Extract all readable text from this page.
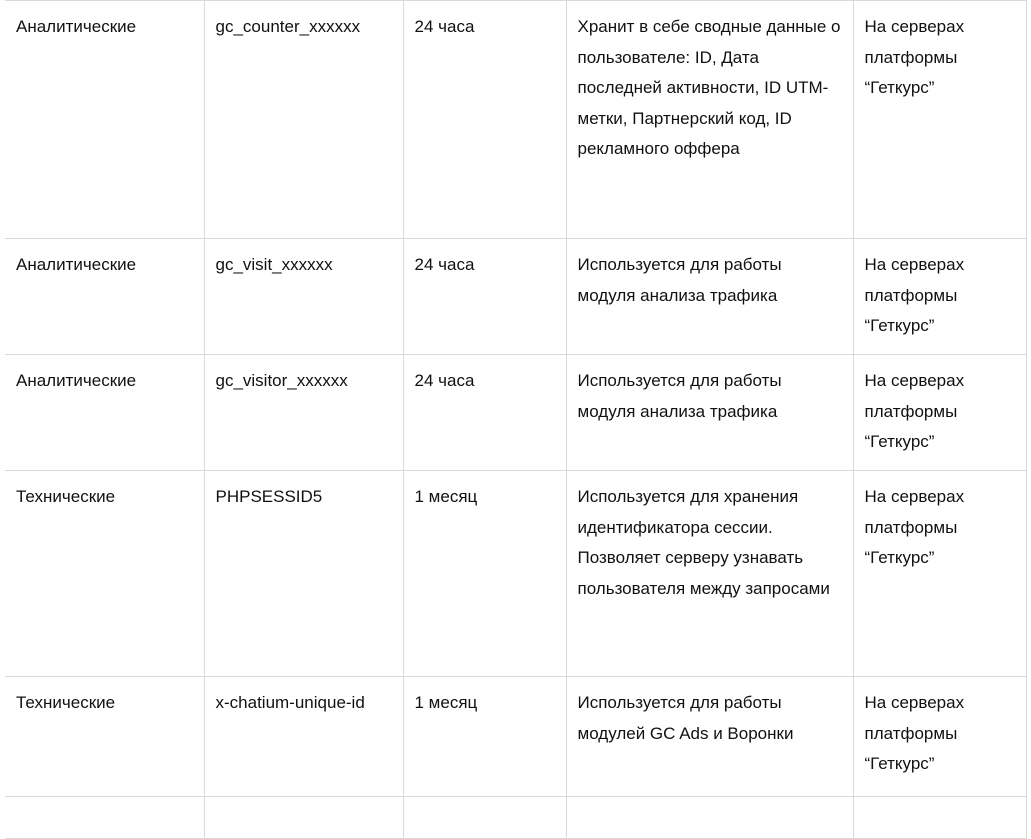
Аналитические	gc_counter_xxxxxx	24 часа	Хранит в себе сводные данные о пользователе: ID, Дата последней активности, ID UTM-метки, Партнерский код, ID рекламного оффера	На серверах платформы “Геткурс”
Аналитические	gc_visit_xxxxxx	24 часа	Используется для работы модуля анализа трафика	На серверах платформы “Геткурс”
Аналитические	gc_visitor_xxxxxx	24 часа	Используется для работы модуля анализа трафика	На серверах платформы “Геткурс”
Технические	PHPSESSID5	1 месяц	Используется для хранения идентификатора сессии. Позволяет серверу узнавать пользователя между запросами	На серверах платформы “Геткурс”
Технические	x-chatium-unique-id	1 месяц	Используется для работы модулей GC Ads и Воронки	На серверах платформы “Геткурс”
